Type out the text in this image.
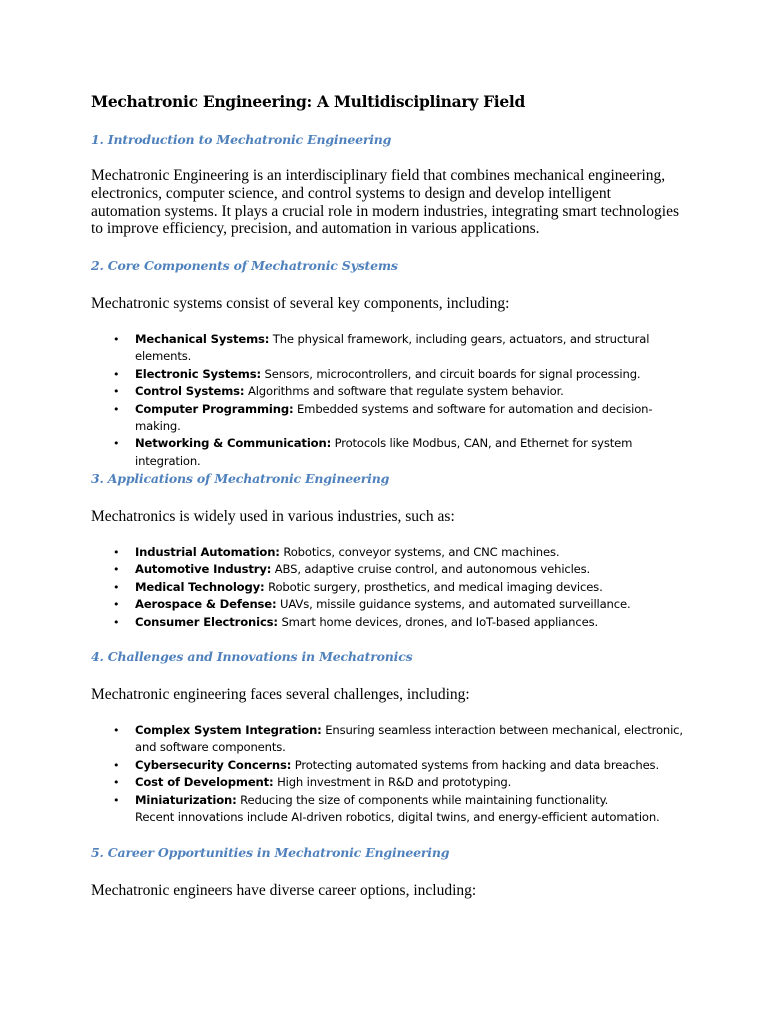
Mechatronic Engineering: A Multidisciplinary Field
1. Introduction to Mechatronic Engineering

Mechatronic Engineering is an interdisciplinary field that combines mechanical engineering, electronics, computer science, and control systems to design and develop intelligent automation systems. It plays a crucial role in modern industries, integrating smart technologies to improve efficiency, precision, and automation in various applications.

2. Core Components of Mechatronic Systems

Mechatronic systems consist of several key components, including:

• Mechanical Systems: The physical framework, including gears, actuators, and structural elements.
• Electronic Systems: Sensors, microcontrollers, and circuit boards for signal processing.
• Control Systems: Algorithms and software that regulate system behavior.
• Computer Programming: Embedded systems and software for automation and decision-making.
• Networking & Communication: Protocols like Modbus, CAN, and Ethernet for system integration.
3. Applications of Mechatronic Engineering

Mechatronics is widely used in various industries, such as:

• Industrial Automation: Robotics, conveyor systems, and CNC machines.
• Automotive Industry: ABS, adaptive cruise control, and autonomous vehicles.
• Medical Technology: Robotic surgery, prosthetics, and medical imaging devices.
• Aerospace & Defense: UAVs, missile guidance systems, and automated surveillance.
• Consumer Electronics: Smart home devices, drones, and IoT-based appliances.
4. Challenges and Innovations in Mechatronics

Mechatronic engineering faces several challenges, including:

• Complex System Integration: Ensuring seamless interaction between mechanical, electronic, and software components.
• Cybersecurity Concerns: Protecting automated systems from hacking and data breaches.
• Cost of Development: High investment in R&D and prototyping.
• Miniaturization: Reducing the size of components while maintaining functionality.

Recent innovations include AI-driven robotics, digital twins, and energy-efficient automation.

5. Career Opportunities in Mechatronic Engineering

Mechatronic engineers have diverse career options, including:
